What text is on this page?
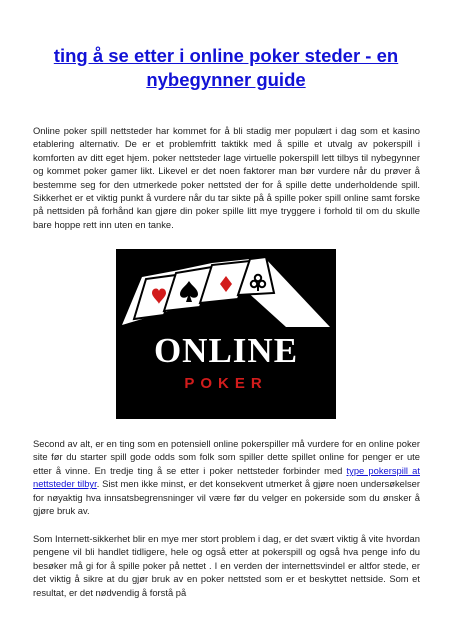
ting å se etter i online poker steder - en nybegynner guide

Online poker spill nettsteder har kommet for å bli stadig mer populært i dag som et kasino etablering alternativ. De er et problemfritt taktikk med å spille et utvalg av pokerspill i komforten av ditt eget hjem. poker nettsteder lage virtuelle pokerspill lett tilbys til nybegynner og kommet poker gamer likt. Likevel er det noen faktorer man bør vurdere når du prøver å bestemme seg for den utmerkede poker nettsted der for å spille dette underholdende spill. Sikkerhet er et viktig punkt å vurdere når du tar sikte på å spille poker spill online samt forske på nettsiden på forhånd kan gjøre din poker spille litt mye tryggere i forhold til om du skulle bare hoppe rett inn uten en tanke.

ONLINE

POKER

Second av alt, er en ting som en potensiell online pokerspiller må vurdere for en online poker site før du starter spill gode odds som folk som spiller dette spillet online for penger er ute etter å vinne. En tredje ting å se etter i poker nettsteder forbinder med type pokerspill at nettsteder tilbyr. Sist men ikke minst, er det konsekvent utmerket å gjøre noen undersøkelser for nøyaktig hva innsatsbegrensninger vil være før du velger en pokerside som du ønsker å gjøre bruk av.

Som Internett-sikkerhet blir en mye mer stort problem i dag, er det svært viktig å vite hvordan pengene vil bli handlet tidligere, hele og også etter at pokerspill og også hva penge info du besøker må gi for å spille poker på nettet . I en verden der internettsvindel er altfor stede, er det viktig å sikre at du gjør bruk av en poker nettsted som er et beskyttet nettside. Som et resultat, er det nødvendig å forstå på
